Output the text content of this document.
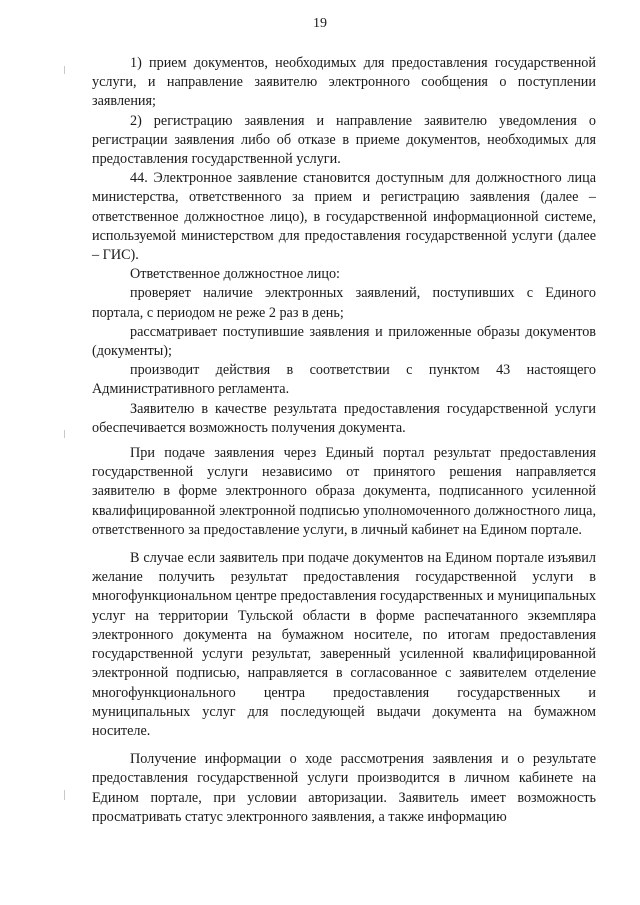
19

1) прием документов, необходимых для предоставления государственной услуги, и направление заявителю электронного сообщения о поступлении заявления;

2) регистрацию заявления и направление заявителю уведомления о регистрации заявления либо об отказе в приеме документов, необходимых для предоставления государственной услуги.

44. Электронное заявление становится доступным для должностного лица министерства, ответственного за прием и регистрацию заявления (далее – ответственное должностное лицо), в государственной информационной системе, используемой министерством для предоставления государственной услуги (далее – ГИС).

Ответственное должностное лицо:

проверяет наличие электронных заявлений, поступивших с Единого портала, с периодом не реже 2 раз в день;

рассматривает поступившие заявления и приложенные образы документов (документы);

производит действия в соответствии с пунктом 43 настоящего Административного регламента.

Заявителю в качестве результата предоставления государственной услуги обеспечивается возможность получения документа.

При подаче заявления через Единый портал результат предоставления государственной услуги независимо от принятого решения направляется заявителю в форме электронного образа документа, подписанного усиленной квалифицированной электронной подписью уполномоченного должностного лица, ответственного за предоставление услуги, в личный кабинет на Едином портале.

В случае если заявитель при подаче документов на Едином портале изъявил желание получить результат предоставления государственной услуги в многофункциональном центре предоставления государственных и муниципальных услуг на территории Тульской области в форме распечатанного экземпляра электронного документа на бумажном носителе, по итогам предоставления государственной услуги результат, заверенный усиленной квалифицированной электронной подписью, направляется в согласованное с заявителем отделение многофункционального центра предоставления государственных и муниципальных услуг для последующей выдачи документа на бумажном носителе.

Получение информации о ходе рассмотрения заявления и о результате предоставления государственной услуги производится в личном кабинете на Едином портале, при условии авторизации. Заявитель имеет возможность просматривать статус электронного заявления, а также информацию
